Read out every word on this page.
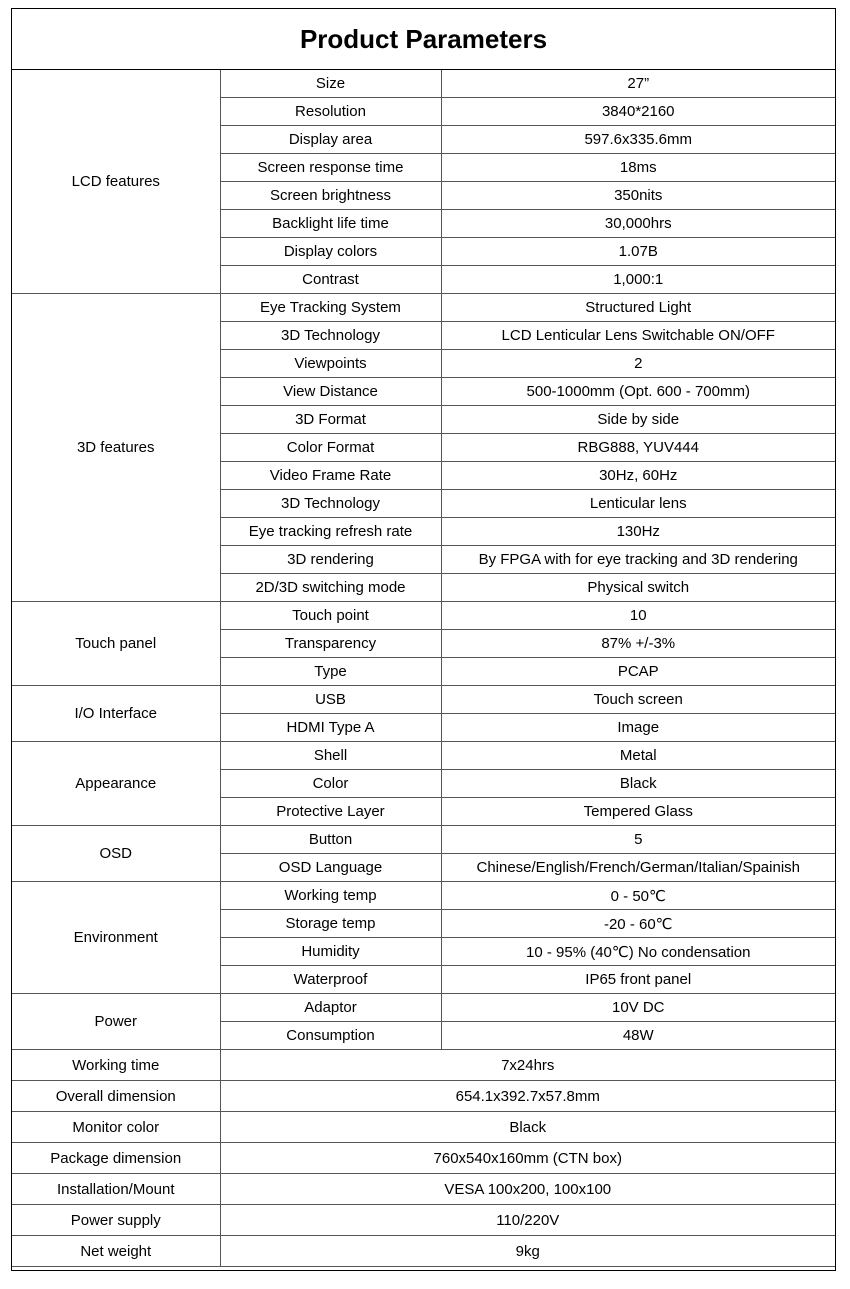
Product Parameters
LCD features	Size	27”
	Resolution	3840*2160
	Display area	597.6x335.6mm
	Screen response time	18ms
	Screen brightness	350nits
	Backlight life time	30,000hrs
	Display colors	1.07B
	Contrast	1,000:1
3D features	Eye Tracking System	Structured Light
	3D Technology	LCD Lenticular Lens Switchable ON/OFF
	Viewpoints	2
	View Distance	500-1000mm (Opt. 600 - 700mm)
	3D Format	Side by side
	Color Format	RBG888, YUV444
	Video Frame Rate	30Hz, 60Hz
	3D Technology	Lenticular lens
	Eye tracking refresh rate	130Hz
	3D rendering	By FPGA with for eye tracking and 3D rendering
	2D/3D switching mode	Physical switch
Touch panel	Touch point	10
	Transparency	87% +/-3%
	Type	PCAP
I/O Interface	USB	Touch screen
	HDMI Type A	Image
Appearance	Shell	Metal
	Color	Black
	Protective Layer	Tempered Glass
OSD	Button	5
	OSD Language	Chinese/English/French/German/Italian/Spainish
Environment	Working temp	0 - 50℃
	Storage temp	-20 - 60℃
	Humidity	10 - 95% (40℃) No condensation
	Waterproof	IP65 front panel
Power	Adaptor	10V DC
	Consumption	48W
Working time	7x24hrs	
Overall dimension	654.1x392.7x57.8mm	
Monitor color	Black	
Package dimension	760x540x160mm (CTN box)	
Installation/Mount	VESA 100x200, 100x100	
Power supply	110/220V	
Net weight	9kg	
